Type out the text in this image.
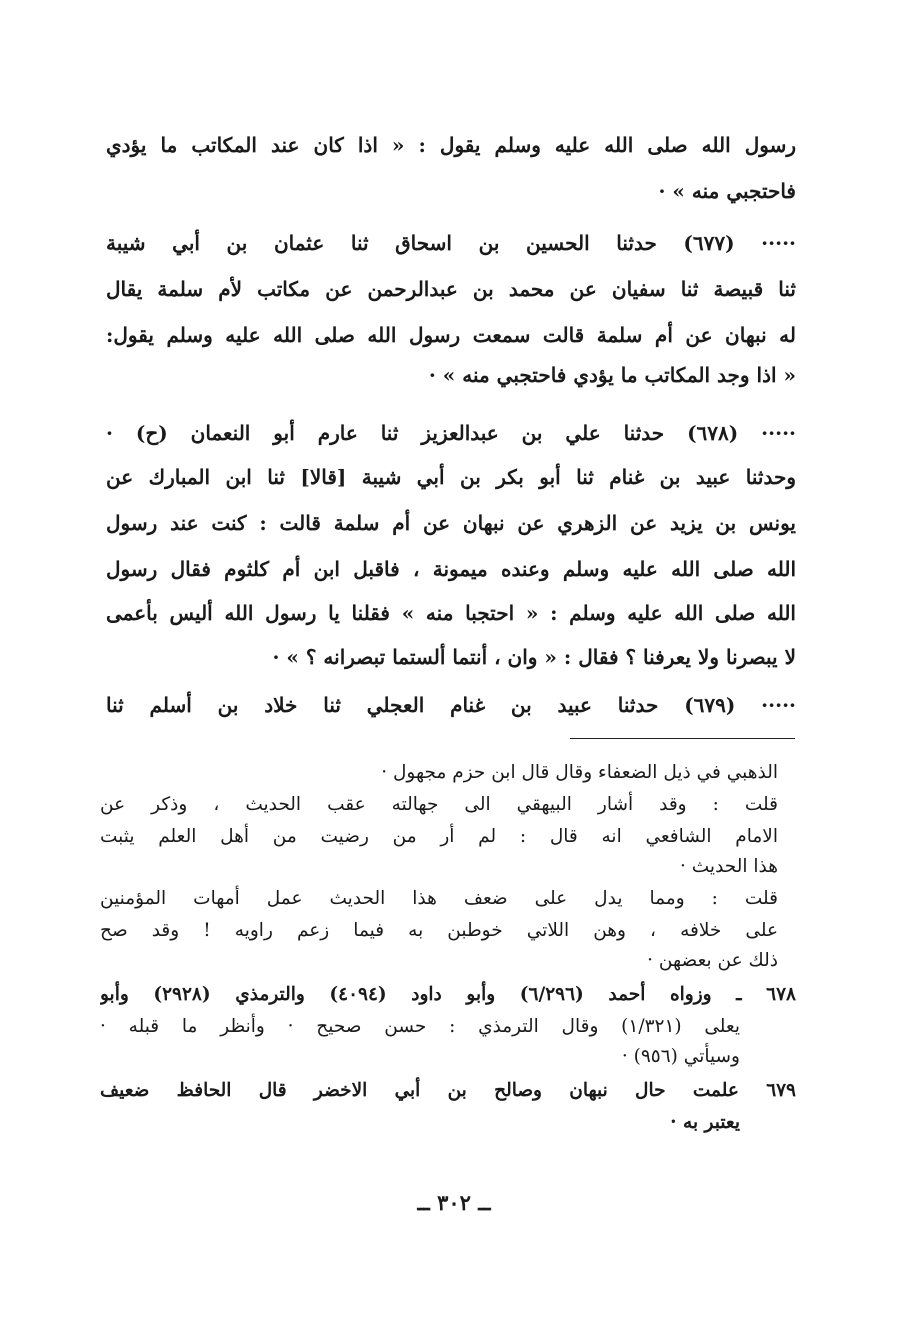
رسول الله صلى الله عليه وسلم يقول : « اذا كان عند المكاتب ما يؤدي
فاحتجبي منه » ·
····· (٦٧٧) حدثنا الحسين بن اسحاق ثنا عثمان بن أبي شيبة
ثنا قبيصة ثنا سفيان عن محمد بن عبدالرحمن عن مكاتب لأم سلمة يقال
له نبهان عن أم سلمة قالت سمعت رسول الله صلى الله عليه وسلم يقول:
« اذا وجد المكاتب ما يؤدي فاحتجبي منه » ·
····· (٦٧٨) حدثنا علي بن عبدالعزيز ثنا عارم أبو النعمان (ح) ·
وحدثنا عبيد بن غنام ثنا أبو بكر بن أبي شيبة [قالا] ثنا ابن المبارك عن
يونس بن يزيد عن الزهري عن نبهان عن أم سلمة قالت : كنت عند رسول
الله صلى الله عليه وسلم وعنده ميمونة ، فاقبل ابن أم كلثوم فقال رسول
الله صلى الله عليه وسلم : « احتجبا منه » فقلنا يا رسول الله أليس بأعمى
لا يبصرنا ولا يعرفنا ؟ فقال : « وان ، أنتما ألستما تبصرانه ؟ » ·
····· (٦٧٩) حدثنا عبيد بن غنام العجلي ثنا خلاد بن أسلم ثنا
الذهبي في ذيل الضعفاء وقال قال ابن حزم مجهول ·
قلت : وقد أشار البيهقي الى جهالته عقب الحديث ، وذكر عن
الامام الشافعي انه قال : لم أر من رضيت من أهل العلم يثبت
هذا الحديث ·
قلت : ومما يدل على ضعف هذا الحديث عمل أمهات المؤمنين
على خلافه ، وهن اللاتي خوطبن به فيما زعم راويه ! وقد صح
ذلك عن بعضهن ·
٦٧٨ ـ وزواه أحمد (٦/٢٩٦) وأبو داود (٤٠٩٤) والترمذي (٢٩٢٨) وأبو
يعلى (١/٣٢١) وقال الترمذي : حسن صحيح · وأنظر ما قبله ·
وسيأتي (٩٥٦) ·
٦٧٩ علمت حال نبهان وصالح بن أبي الاخضر قال الحافظ ضعيف
يعتبر به ·
ــ ٣٠٢ ــ
